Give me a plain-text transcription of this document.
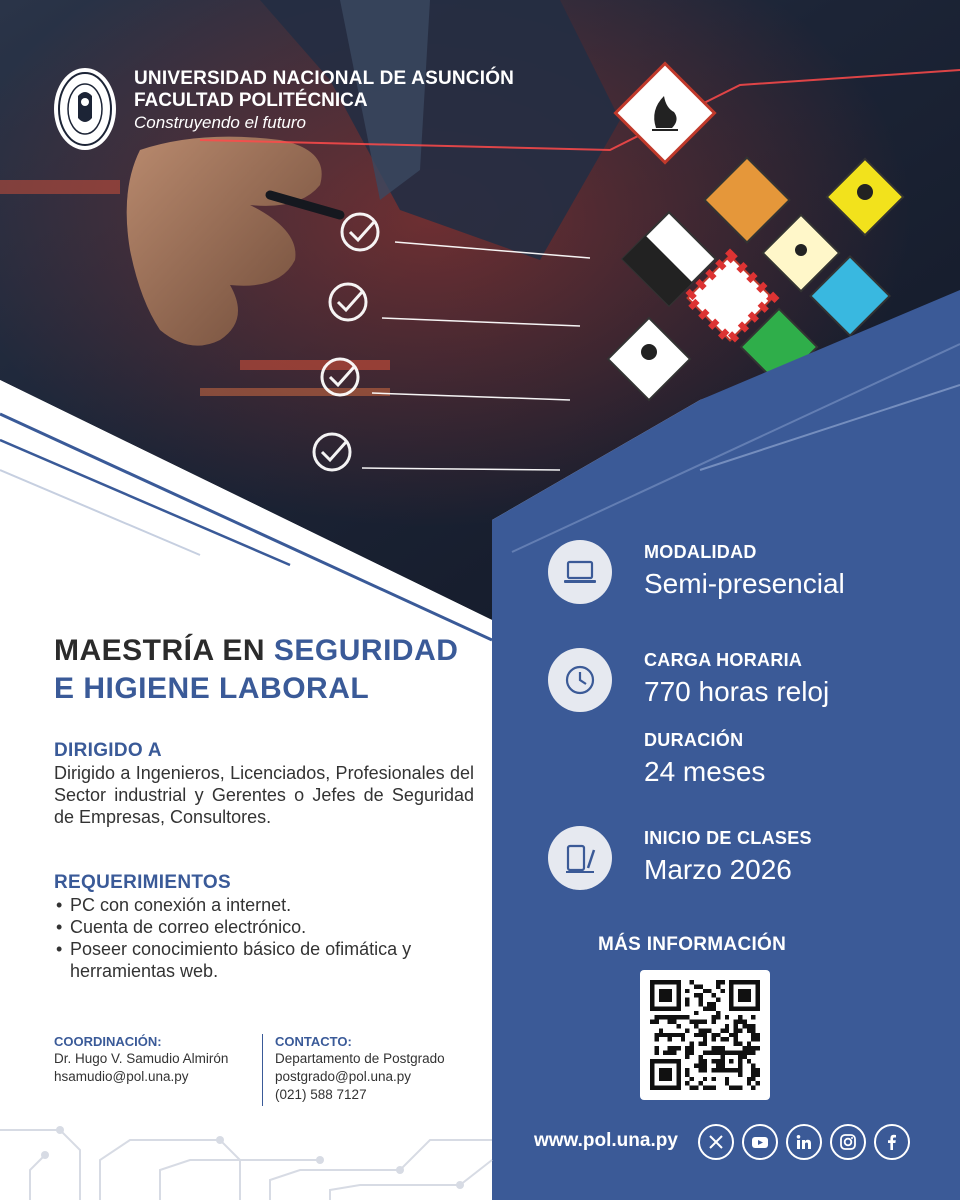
UNIVERSIDAD NACIONAL DE ASUNCIÓN
FACULTAD POLITÉCNICA
Construyendo el futuro
MAESTRÍA EN SEGURIDAD
E HIGIENE LABORAL
DIRIGIDO A
Dirigido a Ingenieros, Licenciados, Profesionales del Sector industrial y Gerentes o Jefes de Seguridad de Empresas, Consultores.
REQUERIMIENTOS
• PC con conexión a internet.
• Cuenta de correo electrónico.
• Poseer conocimiento básico de ofimática y herramientas web.
COORDINACIÓN:
Dr. Hugo V. Samudio Almirón
hsamudio@pol.una.py
CONTACTO:
Departamento de Postgrado
postgrado@pol.una.py
(021) 588 7127
MODALIDAD
Semi-presencial
CARGA HORARIA
770 horas reloj
DURACIÓN
24 meses
INICIO DE CLASES
Marzo 2026
MÁS INFORMACIÓN
www.pol.una.py
